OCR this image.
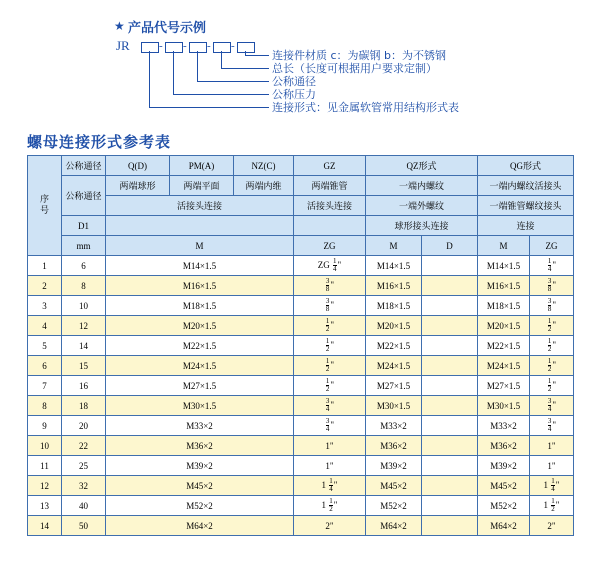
★ 产品代号示例
JR	- - - -
连接件材质 c：为碳钢 b：为不锈钢
总长（长度可根据用户要求定制）
公称通径
公称压力
连接形式：见金属软管常用结构形式表
螺母连接形式参考表
序
号	公称通径	Q(D)	PM(A)	NZ(C)	GZ	QZ形式		QG形式	
	公称通径	两端球形	两端平面	两端内维	两端锥管	一端内螺纹		一端内螺纹活接头	
		活接头连接			活接头连接	一端外螺纹		一端锥管螺纹接头	
	D1					球形接头连接		连接	
	mm	M			ZG	M	D	M	ZG
1	6	M14×1.5			ZG $\frac{1}{4}$ "	M14×1.5		M14×1.5	$\frac{1}{4}$ "
2	8	M16×1.5			$\frac{3}{8}$ "	M16×1.5		M16×1.5	$\frac{3}{8}$ "
3	10	M18×1.5			$\frac{3}{8}$ "	M18×1.5		M18×1.5	$\frac{3}{8}$ "
4	12	M20×1.5			$\frac{1}{2}$ "	M20×1.5		M20×1.5	$\frac{1}{2}$ "
5	14	M22×1.5			$\frac{1}{2}$ "	M22×1.5		M22×1.5	$\frac{1}{2}$ "
6	15	M24×1.5			$\frac{1}{2}$ "	M24×1.5		M24×1.5	$\frac{1}{2}$ "
7	16	M27×1.5			$\frac{1}{2}$ "	M27×1.5		M27×1.5	$\frac{1}{2}$ "
8	18	M30×1.5			$\frac{3}{4}$ "	M30×1.5		M30×1.5	$\frac{3}{4}$ "
9	20	M33×2			$\frac{3}{4}$ "	M33×2		M33×2	$\frac{3}{4}$ "
10	22	M36×2			1"	M36×2		M36×2	1"
11	25	M39×2			1"	M39×2		M39×2	1"
12	32	M45×2			$1 \frac{1}{4}$ "	M45×2		M45×2	$1 \frac{1}{4}$ "
13	40	M52×2			$1 \frac{1}{2}$ "	M52×2		M52×2	$1 \frac{1}{2}$ "
14	50	M64×2			2"	M64×2		M64×2	2"
